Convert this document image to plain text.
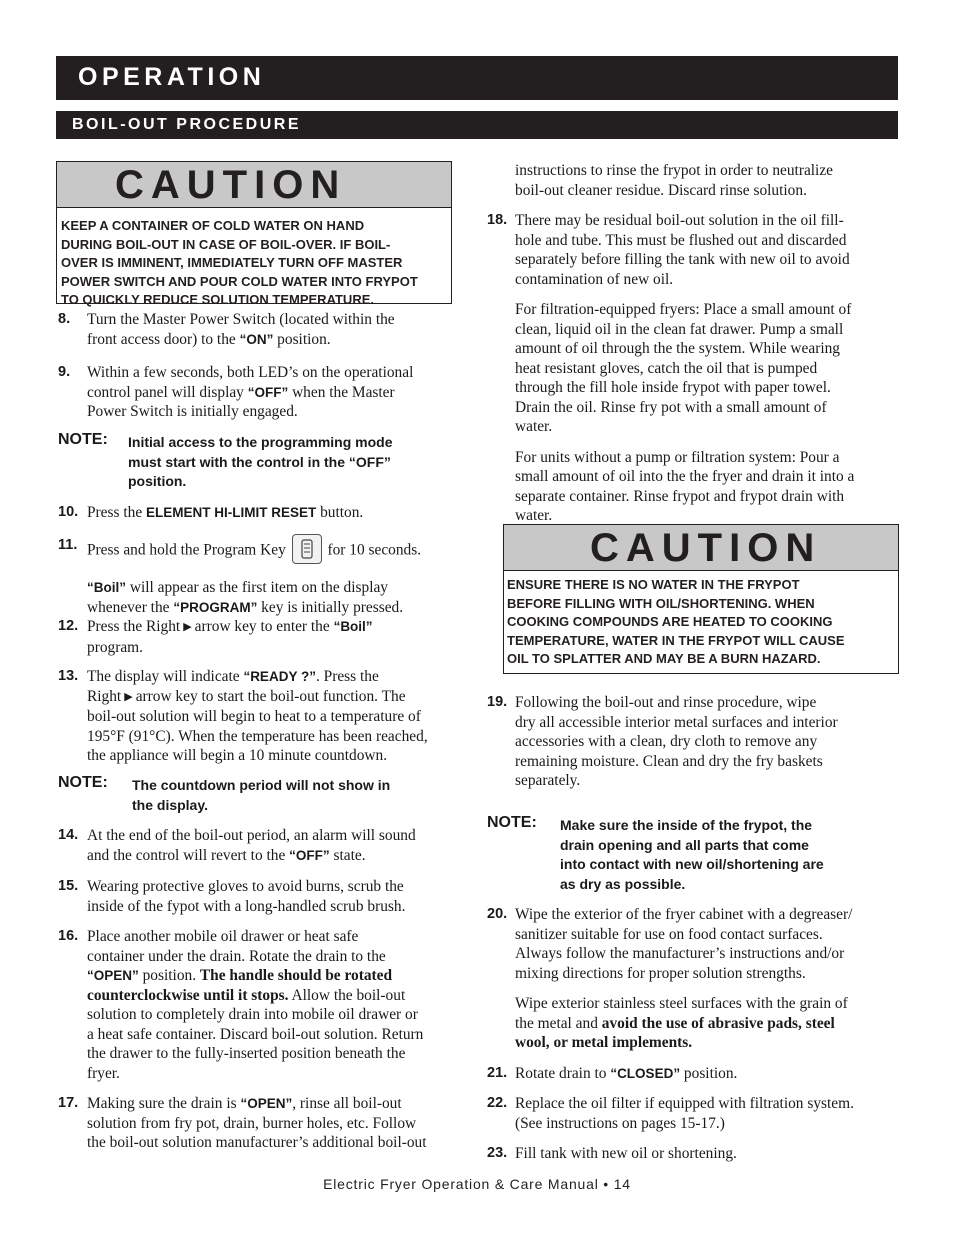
OPERATION
BOIL-OUT PROCEDURE
CAUTION
KEEP A CONTAINER OF COLD WATER ON HAND
DURING BOIL-OUT IN CASE OF BOIL-OVER. IF BOIL-
OVER IS IMMINENT, IMMEDIATELY TURN OFF MASTER
POWER SWITCH AND POUR COLD WATER INTO FRYPOT
TO QUICKLY REDUCE SOLUTION TEMPERATURE.
8. Turn the Master Power Switch (located within the
front access door) to the “ON” position.
9. Within a few seconds, both LED’s on the operational
control panel will display “OFF” when the Master
Power Switch is initially engaged.
NOTE: Initial access to the programming mode
must start with the control in the “OFF”
position.
10. Press the ELEMENT HI-LIMIT RESET button.
11. Press and hold the Program Key	for 10 seconds.
“Boil” will appear as the first item on the display
whenever the “PROGRAM” key is initially pressed.
12. Press the Right ▶ arrow key to enter the “Boil”
program.
13. The display will indicate “READY ?”. Press the
Right ▶ arrow key to start the boil-out function. The
boil-out solution will begin to heat to a temperature of
195°F (91°C). When the temperature has been reached,
the appliance will begin a 10 minute countdown.
NOTE: The countdown period will not show in
the display.
14. At the end of the boil-out period, an alarm will sound
and the control will revert to the “OFF” state.
15. Wearing protective gloves to avoid burns, scrub the
inside of the fypot with a long-handled scrub brush.
16. Place another mobile oil drawer or heat safe
container under the drain. Rotate the drain to the
“OPEN” position. The handle should be rotated
counterclockwise until it stops. Allow the boil-out
solution to completely drain into mobile oil drawer or
a heat safe container. Discard boil-out solution. Return
the drawer to the fully-inserted position beneath the
fryer.
17. Making sure the drain is “OPEN”, rinse all boil-out
solution from fry pot, drain, burner holes, etc. Follow
the boil-out solution manufacturer’s additional boil-out
instructions to rinse the frypot in order to neutralize
boil-out cleaner residue. Discard rinse solution.
18. There may be residual boil-out solution in the oil fill-
hole and tube. This must be flushed out and discarded
separately before filling the tank with new oil to avoid
contamination of new oil.
For filtration-equipped fryers: Place a small amount of
clean, liquid oil in the clean fat drawer. Pump a small
amount of oil through the the system. While wearing
heat resistant gloves, catch the oil that is pumped
through the fill hole inside frypot with paper towel.
Drain the oil. Rinse fry pot with a small amount of
water.
For units without a pump or filtration system: Pour a
small amount of oil into the the fryer and drain it into a
separate container. Rinse frypot and frypot drain with
water.
CAUTION
ENSURE THERE IS NO WATER IN THE FRYPOT
BEFORE FILLING WITH OIL/SHORTENING. WHEN
COOKING COMPOUNDS ARE HEATED TO COOKING
TEMPERATURE, WATER IN THE FRYPOT WILL CAUSE
OIL TO SPLATTER AND MAY BE A BURN HAZARD.
19. Following the boil-out and rinse procedure, wipe
dry all accessible interior metal surfaces and interior
accessories with a clean, dry cloth to remove any
remaining moisture. Clean and dry the fry baskets
separately.
NOTE: Make sure the inside of the frypot, the
drain opening and all parts that come
into contact with new oil/shortening are
as dry as possible.
20. Wipe the exterior of the fryer cabinet with a degreaser/
sanitizer suitable for use on food contact surfaces.
Always follow the manufacturer’s instructions and/or
mixing directions for proper solution strengths.
Wipe exterior stainless steel surfaces with the grain of
the metal and avoid the use of abrasive pads, steel
wool, or metal implements.
21. Rotate drain to “CLOSED” position.
22. Replace the oil filter if equipped with filtration system.
(See instructions on pages 15-17.)
23. Fill tank with new oil or shortening.
Electric Fryer Operation & Care Manual • 14
